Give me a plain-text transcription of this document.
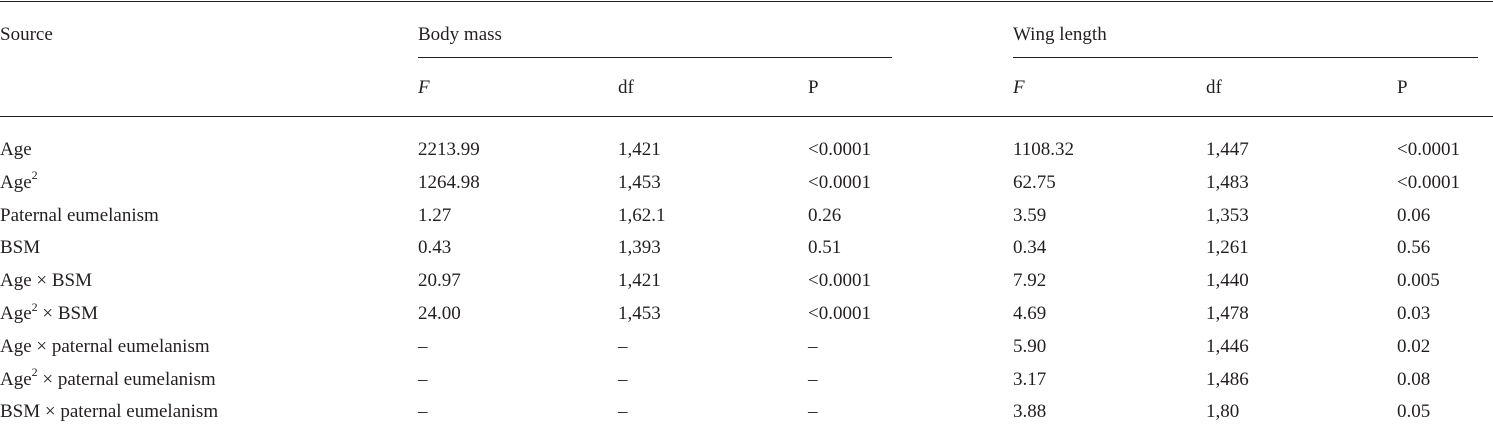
Source	Body mass	Wing length
F	df	P	F	df	P
Age	2213.99	1,421	<0.0001	1108.32	1,447	<0.0001
Age$^2$	1264.98	1,453	<0.0001	62.75	1,483	<0.0001
Paternal eumelanism	1.27	1,62.1	0.26	3.59	1,353	0.06
BSM	0.43	1,393	0.51	0.34	1,261	0.56
Age × BSM	20.97	1,421	<0.0001	7.92	1,440	0.005
Age$^2$ × BSM	24.00	1,453	<0.0001	4.69	1,478	0.03
Age × paternal eumelanism	–	–	–	5.90	1,446	0.02
Age$^2$ × paternal eumelanism	–	–	–	3.17	1,486	0.08
BSM × paternal eumelanism	–	–	–	3.88	1,80	0.05
